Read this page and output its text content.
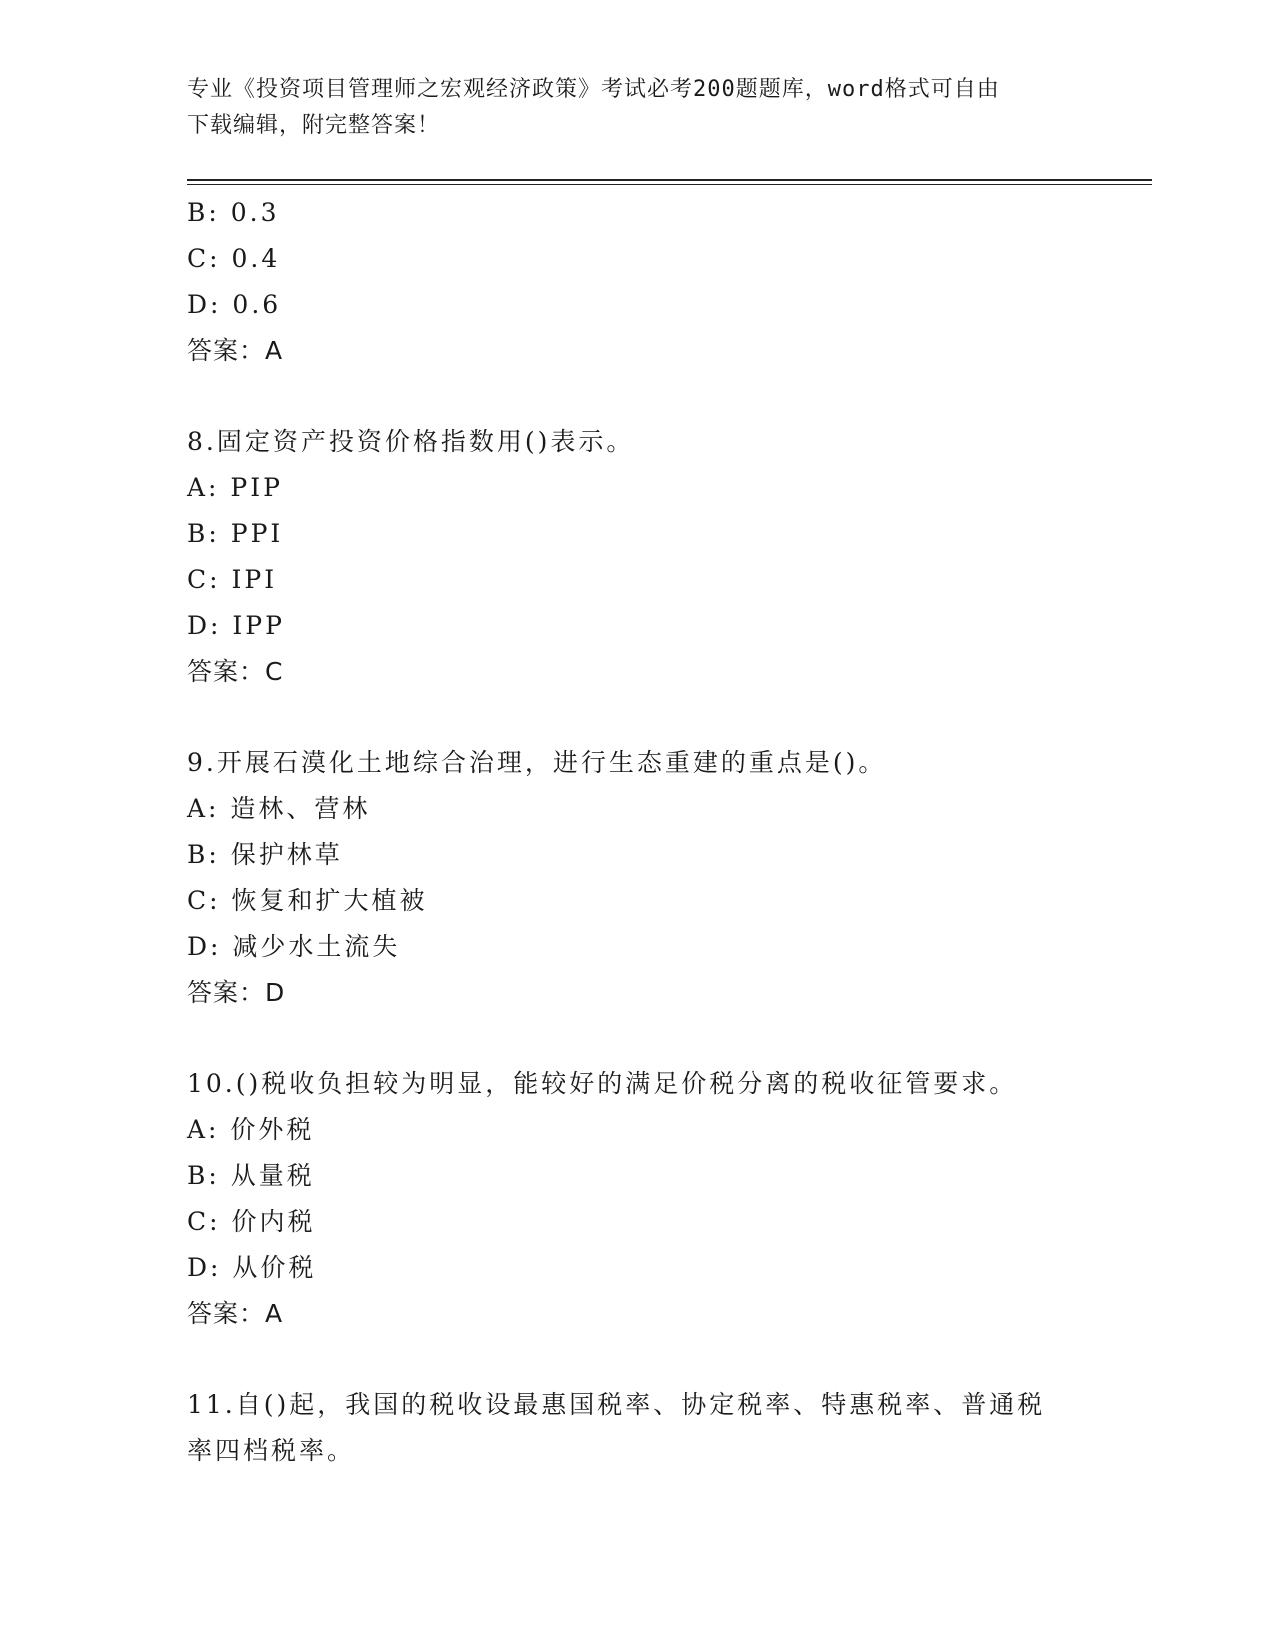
专业《投资项目管理师之宏观经济政策》考试必考200题题库，word格式可自由
下载编辑，附完整答案！
B: 0.3
C: 0.4
D: 0.6
答案：A
8.固定资产投资价格指数用()表示。
A: PIP
B: PPI
C: IPI
D: IPP
答案：C
9.开展石漠化土地综合治理，进行生态重建的重点是()。
A: 造林、营林
B: 保护林草
C: 恢复和扩大植被
D: 减少水土流失
答案：D
10.()税收负担较为明显，能较好的满足价税分离的税收征管要求。
A: 价外税
B: 从量税
C: 价内税
D: 从价税
答案：A
11.自()起，我国的税收设最惠国税率、协定税率、特惠税率、普通税
率四档税率。
